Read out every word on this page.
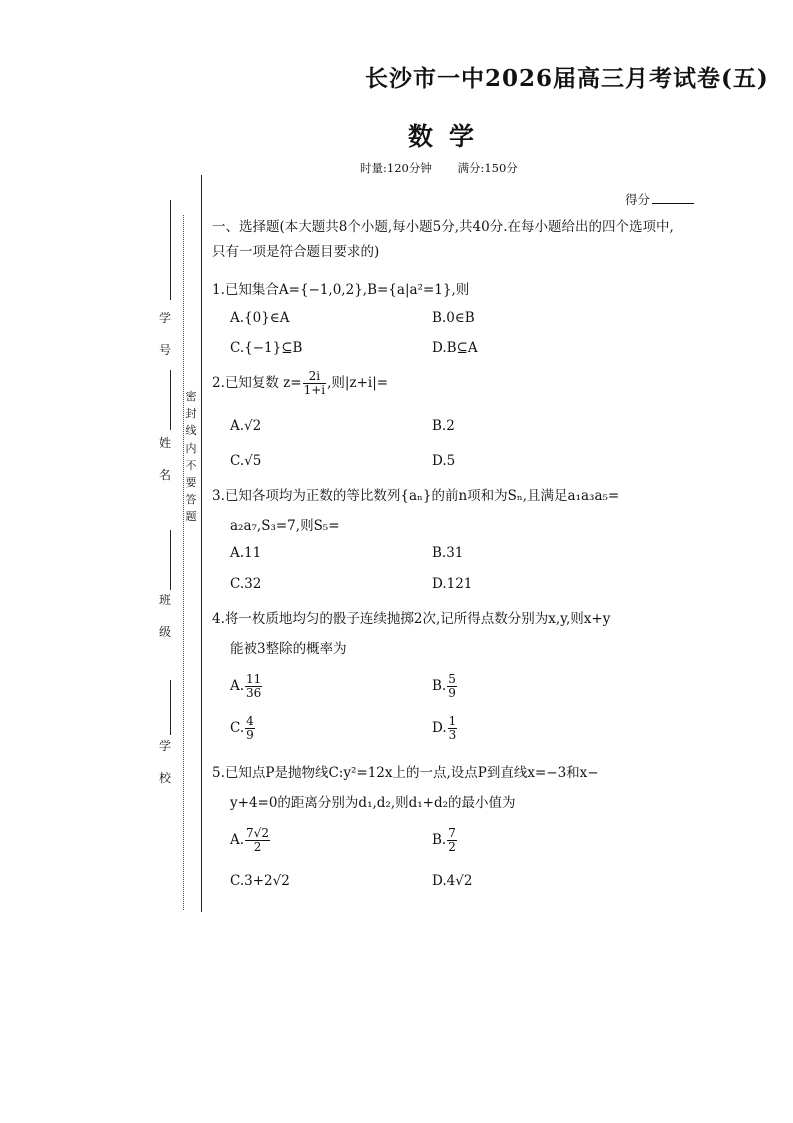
长沙市一中2026届高三月考试卷(五)
数学
时量:120分钟 满分:150分
得分
密
封
线
内
不
要
答
题
学
号
姓
名
班
级
学
校

一、选择题(本大题共8个小题,每小题5分,共40分.在每小题给出的四个选项中,只有一项是符合题目要求的)

1.已知集合A={−1,0,2},B={a|a²=1},则
A.{0}∈A	B.0∈B
C.{−1}⊆B	D.B⊆A
2.已知复数 $z= \frac{2i}{1+i}$ ,则|z+i|=
A.√2	B.2
C.√5	D.5
3.已知各项均为正数的等比数列{aₙ}的前n项和为Sₙ,且满足a₁a₃a₅=
a₂a₇,S₃=7,则S₅=
A.11	B.31
C.32	D.121
4.将一枚质地均匀的骰子连续抛掷2次,记所得点数分别为x,y,则x+y
能被3整除的概率为
A. $\frac{11}{36}$	B. $\frac{5}{9}$
C. $\frac{4}{9}$	D. $\frac{1}{3}$
5.已知点P是抛物线C:y²=12x上的一点,设点P到直线x=−3和x−
y+4=0的距离分别为d₁,d₂,则d₁+d₂的最小值为
A. $\frac{7√2}{2}$	B. $\frac{7}{2}$
C.3+2√2	D.4√2
